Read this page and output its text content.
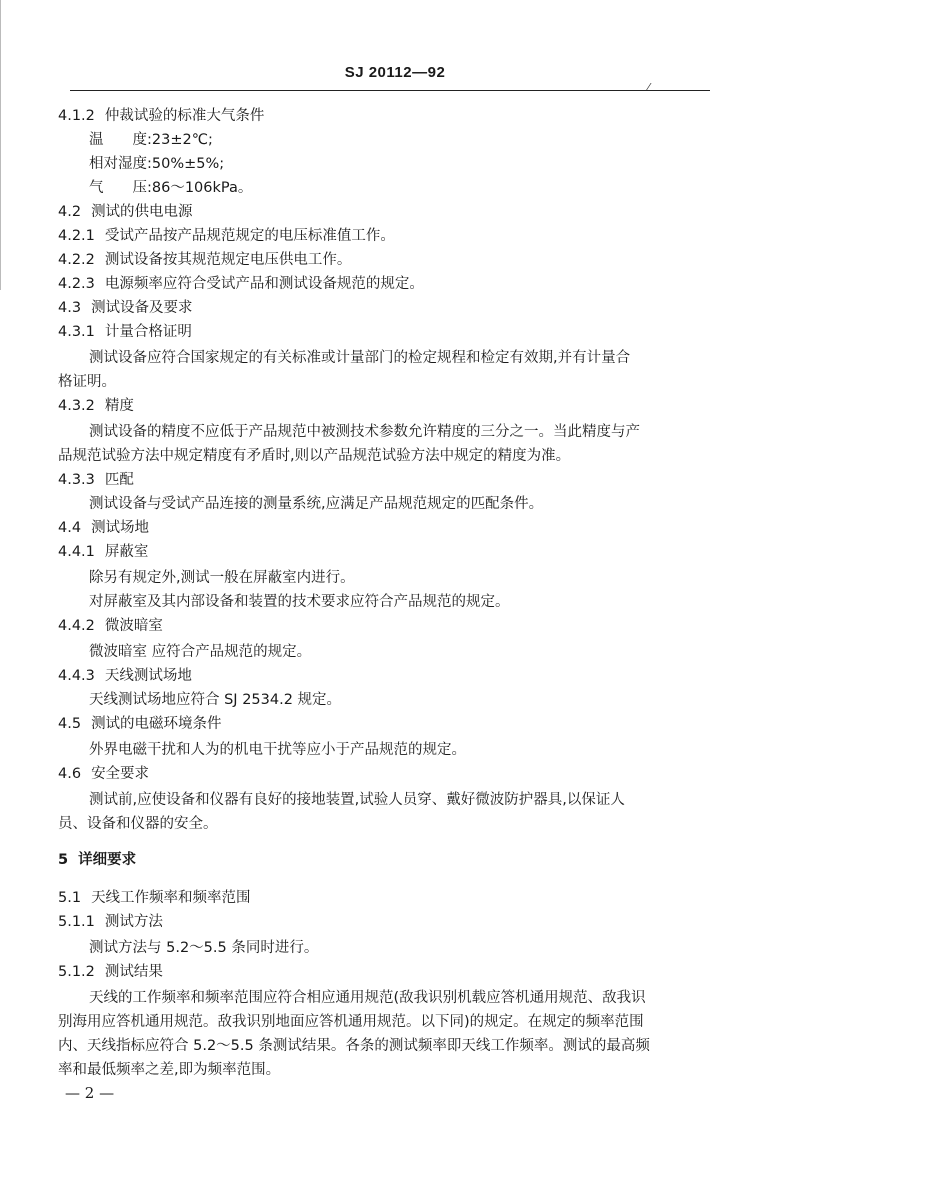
SJ 20112—92
⁄
4.1.2 仲裁试验的标准大气条件
温　　度:23±2℃;
相对湿度:50%±5%;
气　　压:86～106kPa。
4.2 测试的供电电源
4.2.1 受试产品按产品规范规定的电压标准值工作。
4.2.2 测试设备按其规范规定电压供电工作。
4.2.3 电源频率应符合受试产品和测试设备规范的规定。
4.3 测试设备及要求
4.3.1 计量合格证明
测试设备应符合国家规定的有关标准或计量部门的检定规程和检定有效期,并有计量合
格证明。
4.3.2 精度
测试设备的精度不应低于产品规范中被测技术参数允许精度的三分之一。当此精度与产
品规范试验方法中规定精度有矛盾时,则以产品规范试验方法中规定的精度为准。
4.3.3 匹配
测试设备与受试产品连接的测量系统,应满足产品规范规定的匹配条件。
4.4 测试场地
4.4.1 屏蔽室
除另有规定外,测试一般在屏蔽室内进行。
对屏蔽室及其内部设备和装置的技术要求应符合产品规范的规定。
4.4.2 微波暗室
微波暗室 应符合产品规范的规定。
4.4.3 天线测试场地
天线测试场地应符合 SJ 2534.2 规定。
4.5 测试的电磁环境条件
外界电磁干扰和人为的机电干扰等应小于产品规范的规定。
4.6 安全要求
测试前,应使设备和仪器有良好的接地装置,试验人员穿、戴好微波防护器具,以保证人
员、设备和仪器的安全。
5 详细要求
5.1 天线工作频率和频率范围
5.1.1 测试方法
测试方法与 5.2～5.5 条同时进行。
5.1.2 测试结果
天线的工作频率和频率范围应符合相应通用规范(敌我识别机载应答机通用规范、敌我识
别海用应答机通用规范。敌我识别地面应答机通用规范。以下同)的规定。在规定的频率范围
内、天线指标应符合 5.2～5.5 条测试结果。各条的测试频率即天线工作频率。测试的最高频
率和最低频率之差,即为频率范围。
— 2 —
